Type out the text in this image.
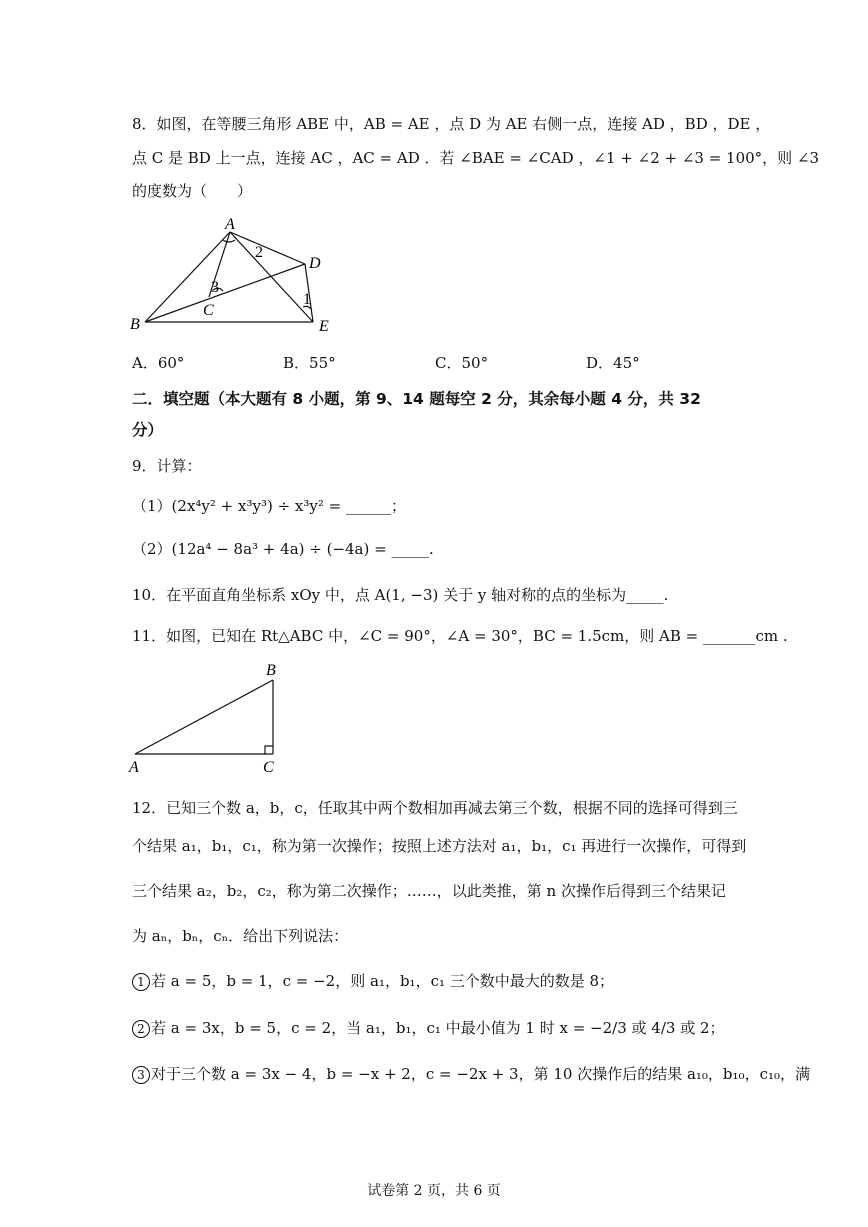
8．如图，在等腰三角形 ABE 中，AB = AE ，点 D 为 AE 右侧一点，连接 AD ，BD ，DE ，
点 C 是 BD 上一点，连接 AC ，AC = AD ．若 ∠BAE = ∠CAD ，∠1 + ∠2 + ∠3 = 100°，则 ∠3
的度数为（　　）
A
B
C
D
E
1
2
3
A．60°	B．55°	C．50°	D．45°
二．填空题（本大题有 8 小题，第 9、14 题每空 2 分，其余每小题 4 分，共 32
分）
9．计算：
（1）(2x⁴y² + x³y³) ÷ x³y² = ______；
（2）(12a⁴ − 8a³ + 4a) ÷ (−4a) = _____.
10．在平面直角坐标系 xOy 中，点 A(1, −3) 关于 y 轴对称的点的坐标为_____.
11．如图，已知在 Rt△ABC 中，∠C = 90°，∠A = 30°，BC = 1.5cm，则 AB = _______cm .
B
A	C
12．已知三个数 a，b，c，任取其中两个数相加再减去第三个数，根据不同的选择可得到三
个结果 a₁，b₁，c₁，称为第一次操作；按照上述方法对 a₁，b₁，c₁ 再进行一次操作，可得到
三个结果 a₂，b₂，c₂，称为第二次操作；……，以此类推，第 n 次操作后得到三个结果记
为 aₙ，bₙ，cₙ．给出下列说法：
1 若 a = 5，b = 1，c = −2，则 a₁，b₁，c₁ 三个数中最大的数是 8；
2 若 a = 3x，b = 5，c = 2，当 a₁，b₁，c₁ 中最小值为 1 时 x = −2/3 或 4/3 或 2；
3 对于三个数 a = 3x − 4，b = −x + 2，c = −2x + 3，第 10 次操作后的结果 a₁₀，b₁₀，c₁₀，满
试卷第 2 页，共 6 页
